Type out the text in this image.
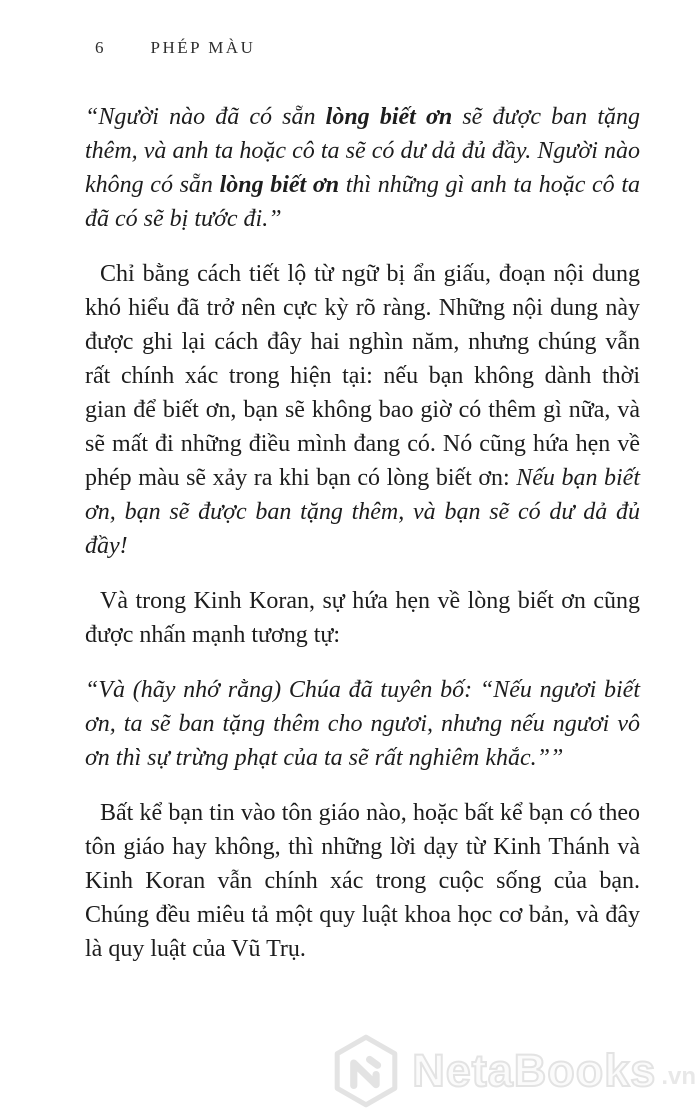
6	PHÉP MÀU

“Người nào đã có sẵn lòng biết ơn sẽ được ban tặng thêm, và anh ta hoặc cô ta sẽ có dư dả đủ đầy. Người nào không có sẵn lòng biết ơn thì những gì anh ta hoặc cô ta đã có sẽ bị tước đi.”

Chỉ bằng cách tiết lộ từ ngữ bị ẩn giấu, đoạn nội dung khó hiểu đã trở nên cực kỳ rõ ràng. Những nội dung này được ghi lại cách đây hai nghìn năm, nhưng chúng vẫn rất chính xác trong hiện tại: nếu bạn không dành thời gian để biết ơn, bạn sẽ không bao giờ có thêm gì nữa, và sẽ mất đi những điều mình đang có. Nó cũng hứa hẹn về phép màu sẽ xảy ra khi bạn có lòng biết ơn: Nếu bạn biết ơn, bạn sẽ được ban tặng thêm, và bạn sẽ có dư dả đủ đầy!

Và trong Kinh Koran, sự hứa hẹn về lòng biết ơn cũng được nhấn mạnh tương tự:

“Và (hãy nhớ rằng) Chúa đã tuyên bố: “Nếu ngươi biết ơn, ta sẽ ban tặng thêm cho ngươi, nhưng nếu ngươi vô ơn thì sự trừng phạt của ta sẽ rất nghiêm khắc.””

Bất kể bạn tin vào tôn giáo nào, hoặc bất kể bạn có theo tôn giáo hay không, thì những lời dạy từ Kinh Thánh và Kinh Koran vẫn chính xác trong cuộc sống của bạn. Chúng đều miêu tả một quy luật khoa học cơ bản, và đây là quy luật của Vũ Trụ.

NetaBooks .vn
